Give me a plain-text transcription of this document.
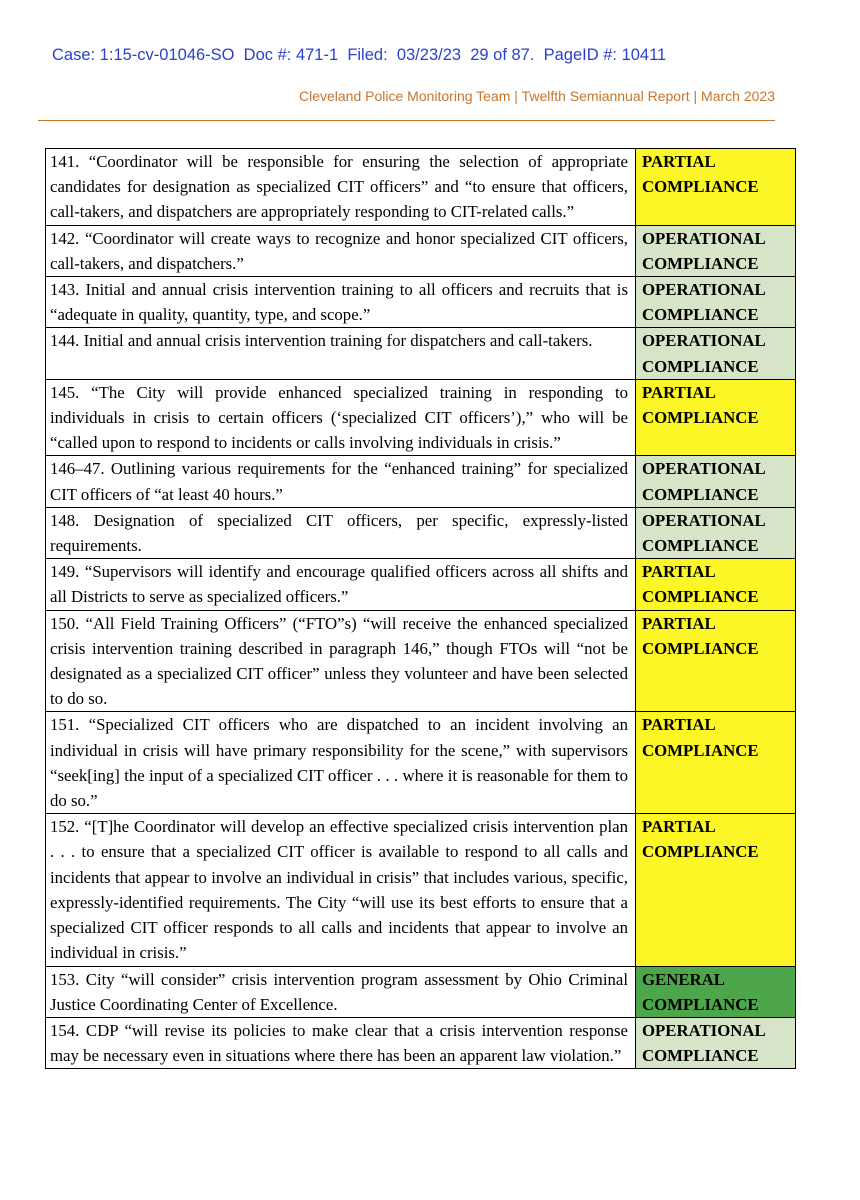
Case: 1:15-cv-01046-SO  Doc #: 471-1  Filed:  03/23/23  29 of 87.  PageID #: 10411
Cleveland Police Monitoring Team | Twelfth Semiannual Report | March 2023
141. “Coordinator will be responsible for ensuring the selection of appropriate candidates for designation as specialized CIT officers” and “to ensure that officers, call-takers, and dispatchers are appropriately responding to CIT-related calls.”	PARTIAL COMPLIANCE
142. “Coordinator will create ways to recognize and honor specialized CIT officers, call-takers, and dispatchers.”	OPERATIONAL COMPLIANCE
143. Initial and annual crisis intervention training to all officers and recruits that is “adequate in quality, quantity, type, and scope.”	OPERATIONAL COMPLIANCE
144. Initial and annual crisis intervention training for dispatchers and call-takers.	OPERATIONAL COMPLIANCE
145. “The City will provide enhanced specialized training in responding to individuals in crisis to certain officers (‘specialized CIT officers’),” who will be “called upon to respond to incidents or calls involving individuals in crisis.”	PARTIAL COMPLIANCE
146–47. Outlining various requirements for the “enhanced training” for specialized CIT officers of “at least 40 hours.”	OPERATIONAL COMPLIANCE
148. Designation of specialized CIT officers, per specific, expressly-listed requirements.	OPERATIONAL COMPLIANCE
149. “Supervisors will identify and encourage qualified officers across all shifts and all Districts to serve as specialized officers.”	PARTIAL COMPLIANCE
150. “All Field Training Officers” (“FTO”s) “will receive the enhanced specialized crisis intervention training described in paragraph 146,” though FTOs will “not be designated as a specialized CIT officer” unless they volunteer and have been selected to do so.	PARTIAL COMPLIANCE
151. “Specialized CIT officers who are dispatched to an incident involving an individual in crisis will have primary responsibility for the scene,” with supervisors “seek[ing] the input of a specialized CIT officer . . . where it is reasonable for them to do so.”	PARTIAL COMPLIANCE
152. “[T]he Coordinator will develop an effective specialized crisis intervention plan . . . to ensure that a specialized CIT officer is available to respond to all calls and incidents that appear to involve an individual in crisis” that includes various, specific, expressly-identified requirements. The City “will use its best efforts to ensure that a specialized CIT officer responds to all calls and incidents that appear to involve an individual in crisis.”	PARTIAL COMPLIANCE
153. City “will consider” crisis intervention program assessment by Ohio Criminal Justice Coordinating Center of Excellence.	GENERAL COMPLIANCE
154. CDP “will revise its policies to make clear that a crisis intervention response may be necessary even in situations where there has been an apparent law violation.”	OPERATIONAL COMPLIANCE
